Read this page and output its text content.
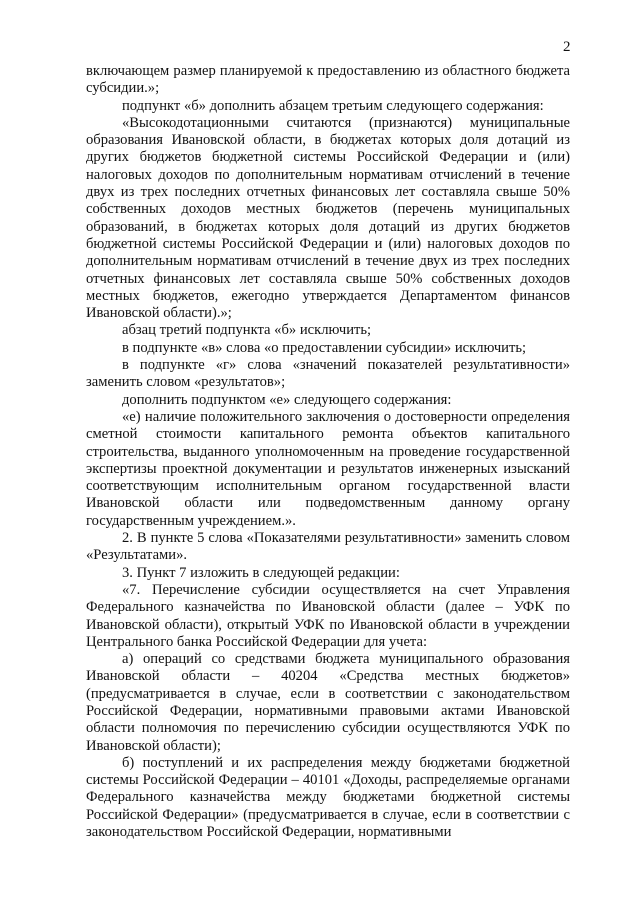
2

включающем размер планируемой к предоставлению из областного бюджета субсидии.»;

подпункт «б» дополнить абзацем третьим следующего содержания:

«Высокодотационными считаются (признаются) муниципальные образования Ивановской области, в бюджетах которых доля дотаций из других бюджетов бюджетной системы Российской Федерации и (или) налоговых доходов по дополнительным нормативам отчислений в течение двух из трех последних отчетных финансовых лет составляла свыше 50% собственных доходов местных бюджетов (перечень муниципальных образований, в бюджетах которых доля дотаций из других бюджетов бюджетной системы Российской Федерации и (или) налоговых доходов по дополнительным нормативам отчислений в течение двух из трех последних отчетных финансовых лет составляла свыше 50% собственных доходов местных бюджетов, ежегодно утверждается Департаментом финансов Ивановской области).»;

абзац третий подпункта «б» исключить;

в подпункте «в» слова «о предоставлении субсидии» исключить;

в подпункте «г» слова «значений показателей результативности» заменить словом «результатов»;

дополнить подпунктом «е» следующего содержания:

«е) наличие положительного заключения о достоверности определения сметной стоимости капитального ремонта объектов капитального строительства, выданного уполномоченным на проведение государственной экспертизы проектной документации и результатов инженерных изысканий соответствующим исполнительным органом государственной власти Ивановской области или подведомственным данному органу государственным учреждением.».

2. В пункте 5 слова «Показателями результативности» заменить словом «Результатами».

3. Пункт 7 изложить в следующей редакции:

«7. Перечисление субсидии осуществляется на счет Управления Федерального казначейства по Ивановской области (далее – УФК по Ивановской области), открытый УФК по Ивановской области в учреждении Центрального банка Российской Федерации для учета:

а) операций со средствами бюджета муниципального образования Ивановской области – 40204 «Средства местных бюджетов» (предусматривается в случае, если в соответствии с законодательством Российской Федерации, нормативными правовыми актами Ивановской области полномочия по перечислению субсидии осуществляются УФК по Ивановской области);

б) поступлений и их распределения между бюджетами бюджетной системы Российской Федерации – 40101 «Доходы, распределяемые органами Федерального казначейства между бюджетами бюджетной системы Российской Федерации» (предусматривается в случае, если в соответствии с законодательством Российской Федерации, нормативными
